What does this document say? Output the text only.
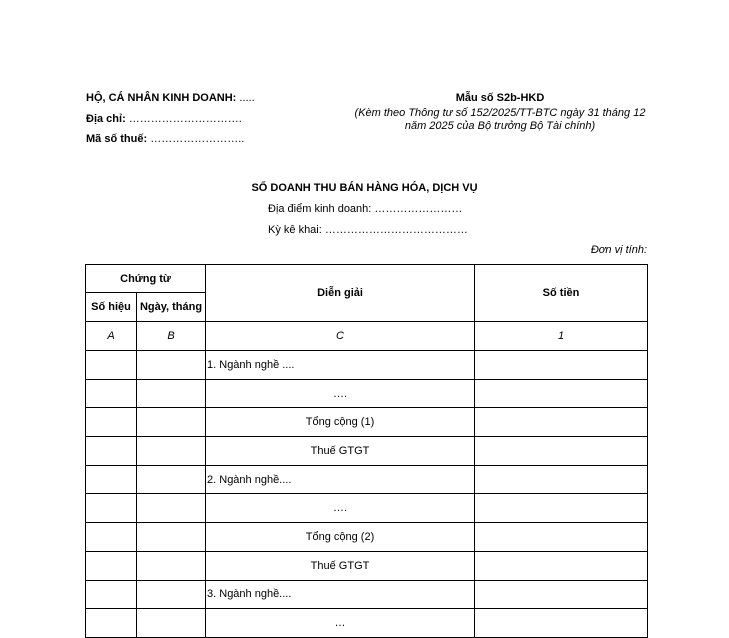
HỘ, CÁ NHÂN KINH DOANH: .....
Địa chỉ: ………………………….
Mã số thuế: ……………………..
Mẫu số S2b-HKD
(Kèm theo Thông tư số 152/2025/TT-BTC ngày 31 tháng 12
năm 2025 của Bộ trưởng Bộ Tài chính)
SỔ DOANH THU BÁN HÀNG HÓA, DỊCH VỤ
Địa điểm kinh doanh: ……………………
Kỳ kê khai: …………………………………
Đơn vị tính:
Chứng từ		Diễn giải	Số tiền
Số hiệu	Ngày, tháng		
A	B	C	1
		1. Ngành nghề ....	
		….	
		Tổng cộng (1)	
		Thuế GTGT	
		2. Ngành nghề....	
		….	
		Tổng cộng (2)	
		Thuế GTGT	
		3. Ngành nghề....	
		…	
